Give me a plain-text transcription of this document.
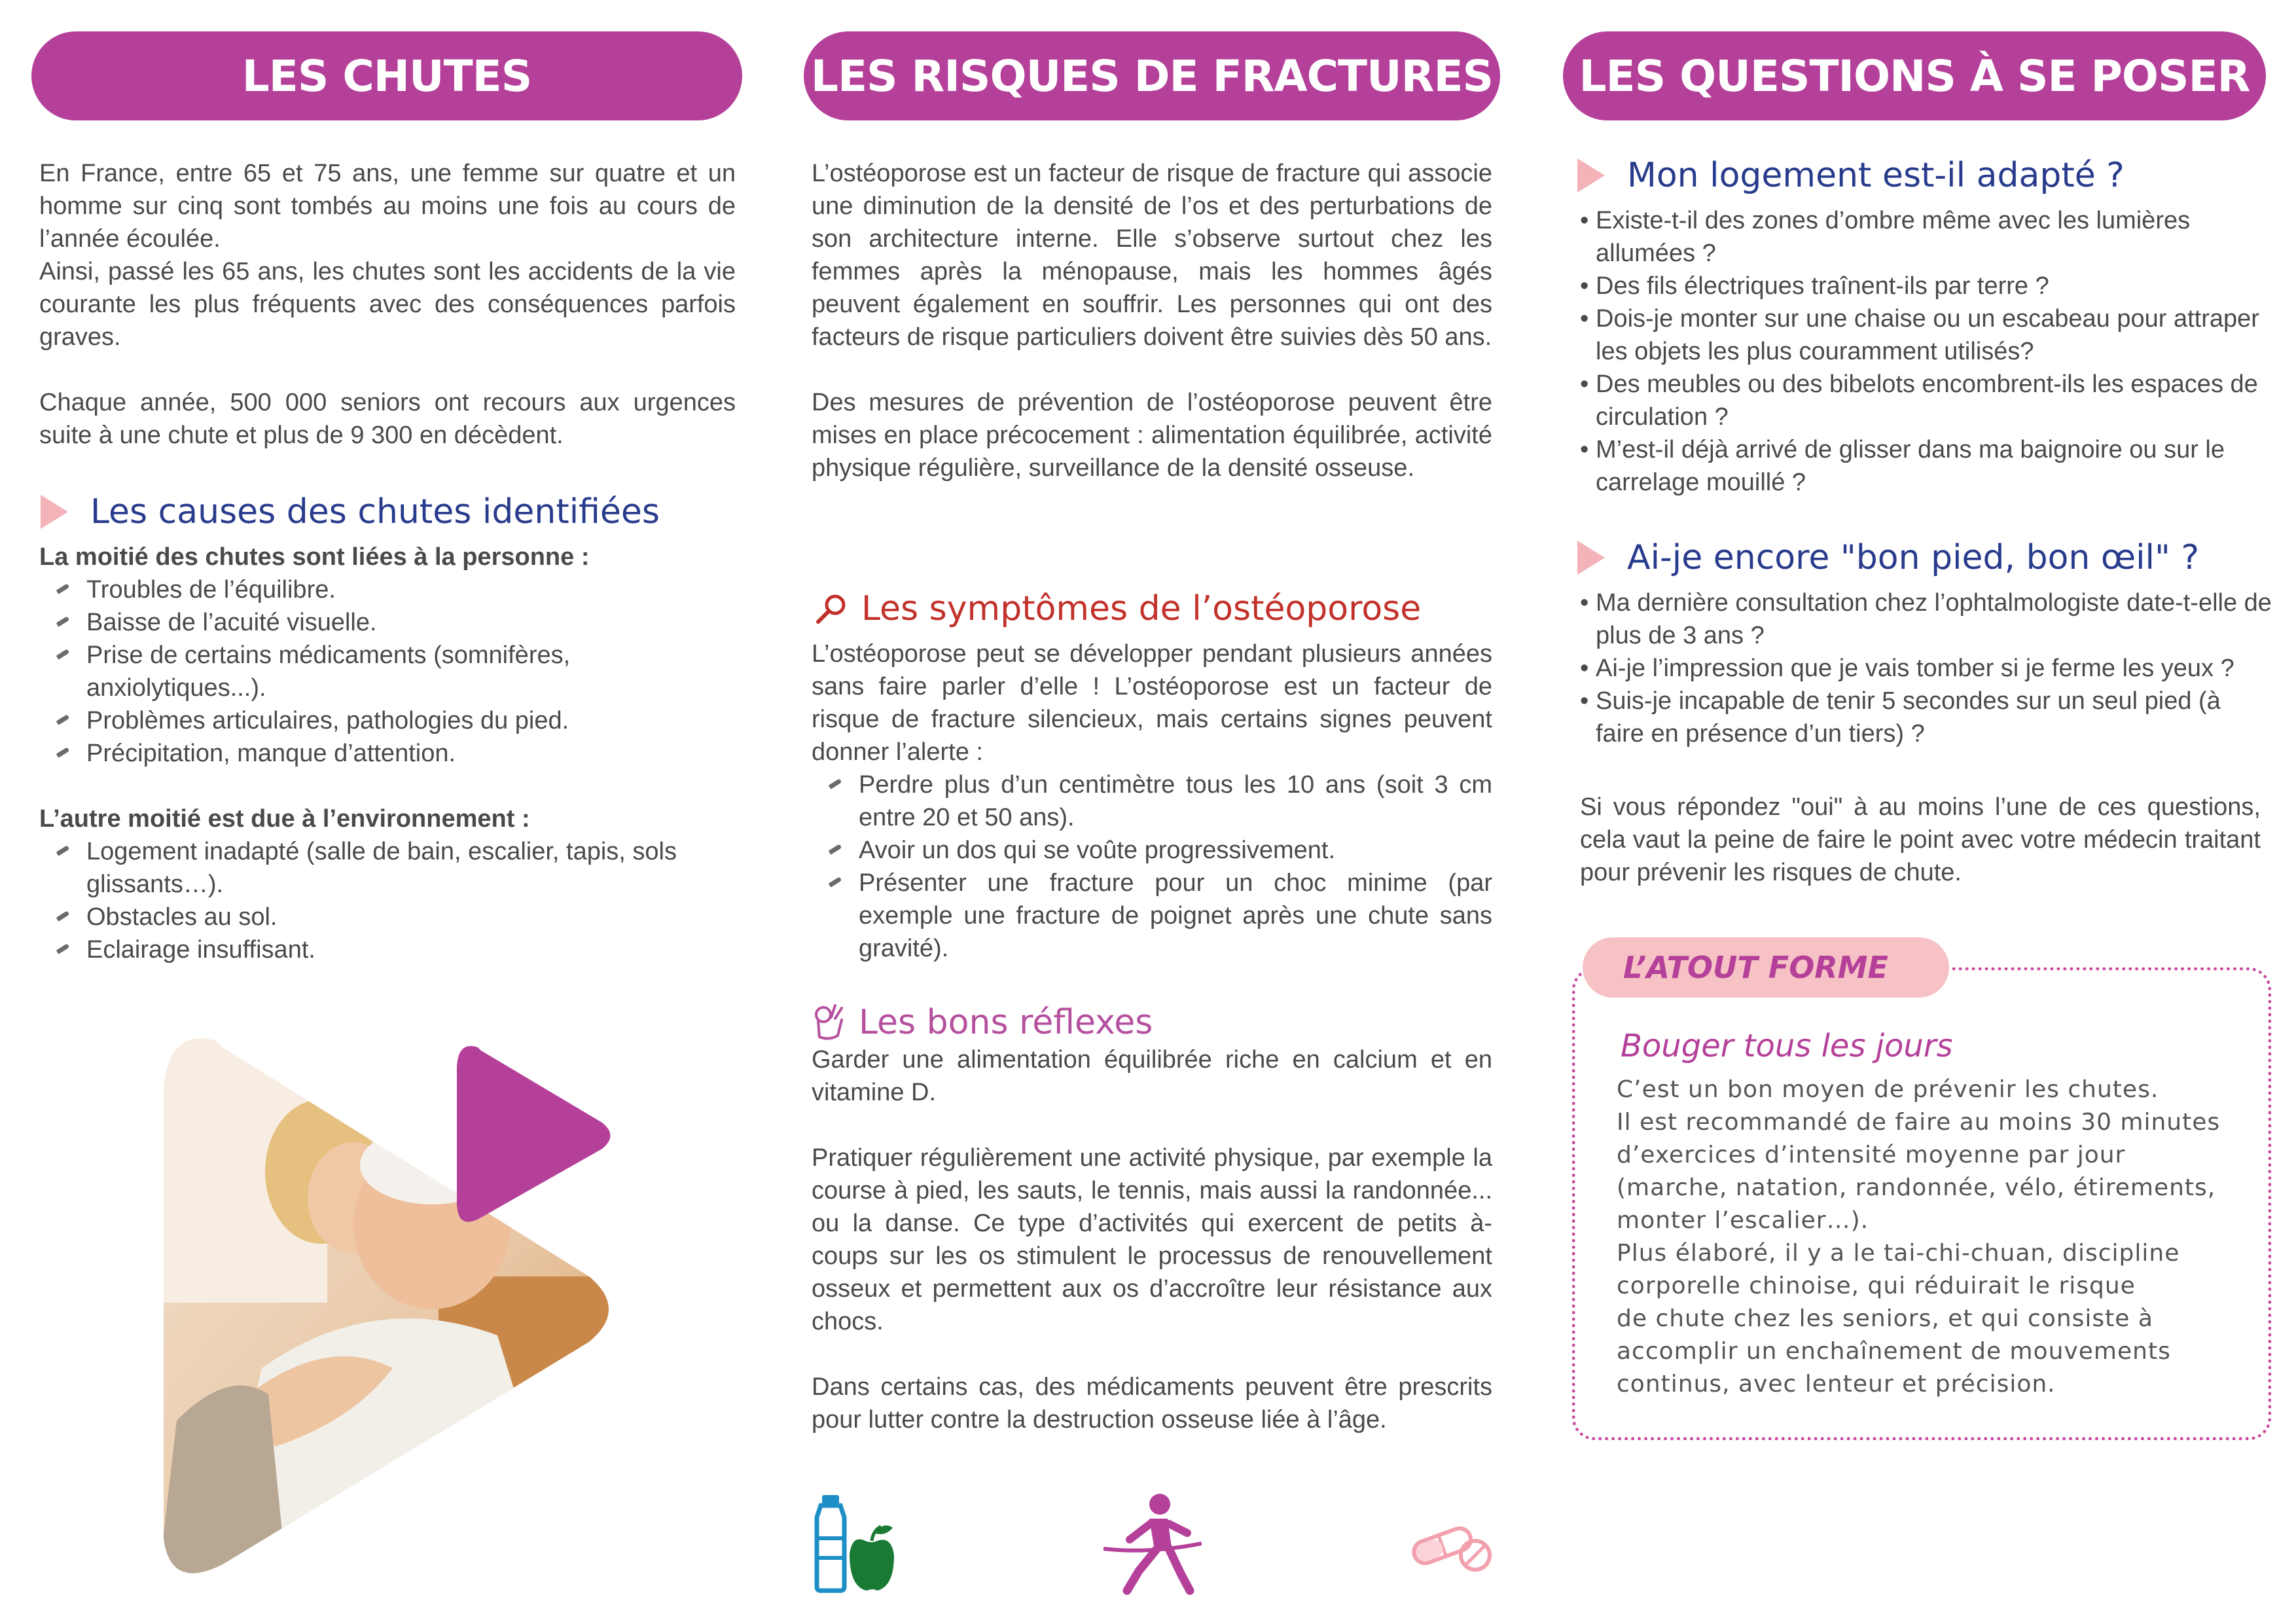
LES CHUTES
En France, entre 65 et 75 ans, une femme sur quatre et un homme sur cinq sont tombés au moins une fois au cours de l’année écoulée.
Ainsi, passé les 65 ans, les chutes sont les accidents de la vie courante les plus fréquents avec des conséquences parfois graves.
Chaque année, 500 000 seniors ont recours aux urgences suite à une chute et plus de 9 300 en décèdent.
Les causes des chutes identifiées
La moitié des chutes sont liées à la personne :
Troubles de l’équilibre.
Baisse de l’acuité visuelle.
Prise de certains médicaments (somnifères, anxiolytiques...).
Problèmes articulaires, pathologies du pied.
Précipitation, manque d’attention.
L’autre moitié est due à l’environnement :
Logement inadapté (salle de bain, escalier, tapis, sols glissants…).
Obstacles au sol.
Eclairage insuffisant.
LES RISQUES DE FRACTURES
L’ostéoporose est un facteur de risque de fracture qui associe une diminution de la densité de l’os et des perturbations de son architecture interne. Elle s’observe surtout chez les femmes après la ménopause, mais les hommes âgés peuvent également en souffrir. Les personnes qui ont des facteurs de risque particuliers doivent être suivies dès 50 ans.
Des mesures de prévention de l’ostéoporose peuvent être mises en place précocement : alimentation équilibrée, activité physique régulière, surveillance de la densité osseuse.
Les symptômes de l’ostéoporose
L’ostéoporose peut se développer pendant plusieurs années sans faire parler d’elle ! L’ostéoporose est un facteur de risque de fracture silencieux, mais certains signes peuvent donner l’alerte :
Perdre plus d’un centimètre tous les 10 ans (soit 3 cm entre 20 et 50 ans).
Avoir un dos qui se voûte progressivement.
Présenter une fracture pour un choc minime (par exemple une fracture de poignet après une chute sans gravité).
Les bons réflexes
Garder une alimentation équilibrée riche en calcium et en vitamine D.
Pratiquer régulièrement une activité physique, par exemple la course à pied, les sauts, le tennis, mais aussi la randonnée... ou la danse. Ce type d’activités qui exercent de petits à-coups sur les os stimulent le processus de renouvellement osseux et permettent aux os d’accroître leur résistance aux chocs.
Dans certains cas, des médicaments peuvent être prescrits pour lutter contre la destruction osseuse liée à l’âge.
LES QUESTIONS À SE POSER
Mon logement est-il adapté ?
• Existe-t-il des zones d’ombre même avec les lumières allumées ?
• Des fils électriques traînent-ils par terre ?
• Dois-je monter sur une chaise ou un escabeau pour attraper les objets les plus couramment utilisés?
• Des meubles ou des bibelots encombrent-ils les espaces de circulation ?
• M’est-il déjà arrivé de glisser dans ma baignoire ou sur le carrelage mouillé ?
Ai-je encore "bon pied, bon œil" ?
• Ma dernière consultation chez l’ophtalmologiste date-t-elle de plus de 3 ans ?
• Ai-je l’impression que je vais tomber si je ferme les yeux ?
• Suis-je incapable de tenir 5 secondes sur un seul pied (à faire en présence d’un tiers) ?
Si vous répondez "oui" à au moins l’une de ces questions, cela vaut la peine de faire le point avec votre médecin traitant pour prévenir les risques de chute.
L’ATOUT FORME
Bouger tous les jours
C’est un bon moyen de prévenir les chutes.
Il est recommandé de faire au moins 30 minutes
d’exercices d’intensité moyenne par jour
(marche, natation, randonnée, vélo, étirements,
monter l’escalier…).
Plus élaboré, il y a le tai-chi-chuan, discipline
corporelle chinoise, qui réduirait le risque
de chute chez les seniors, et qui consiste à
accomplir un enchaînement de mouvements
continus, avec lenteur et précision.
